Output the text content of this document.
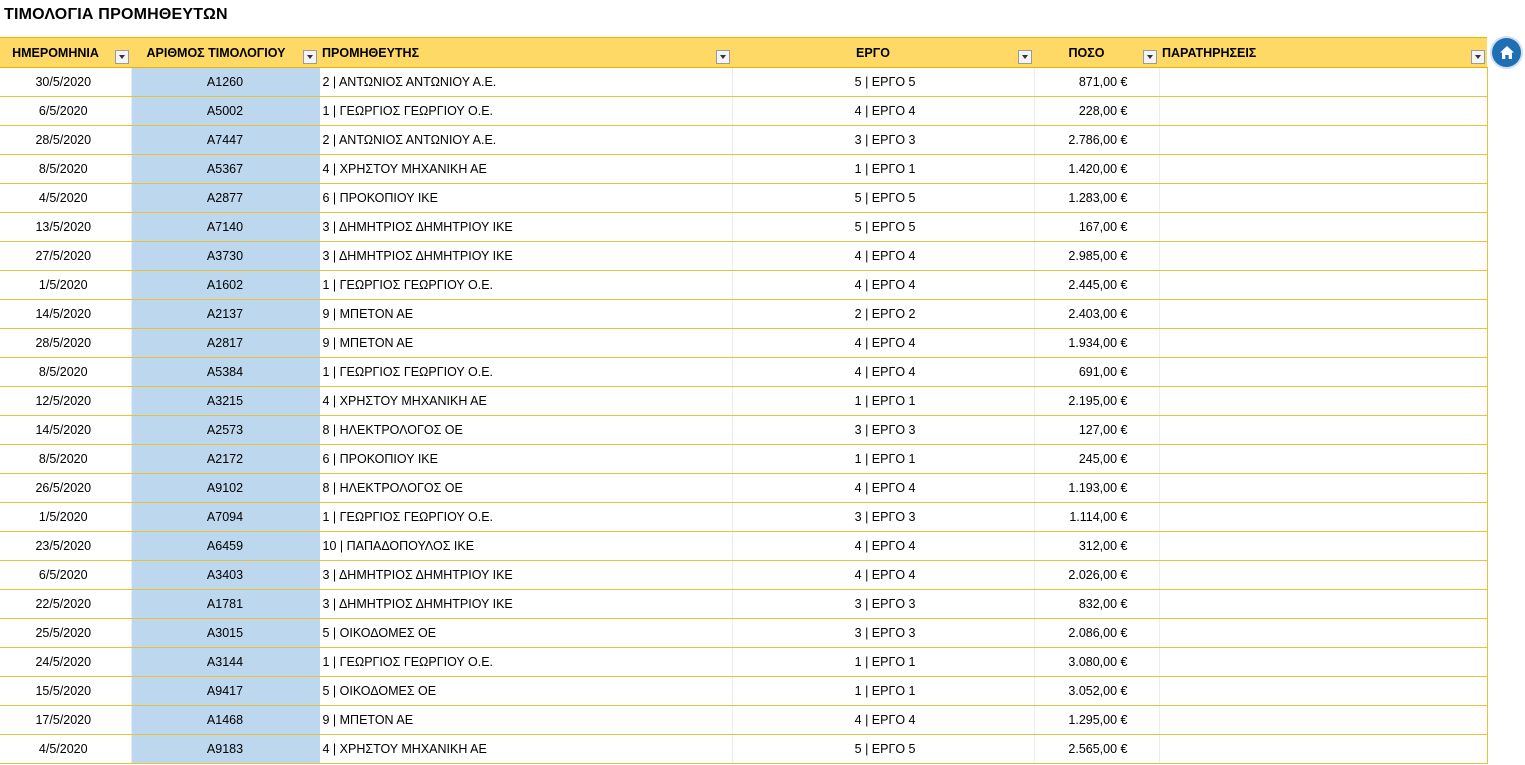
ΤΙΜΟΛΟΓΙΑ ΠΡΟΜΗΘΕΥΤΩΝ
ΗΜΕΡΟΜΗΝΙΑ	ΑΡΙΘΜΟΣ ΤΙΜΟΛΟΓΙΟΥ	ΠΡΟΜΗΘΕΥΤΗΣ	ΕΡΓΟ	ΠΟΣΟ	ΠΑΡΑΤΗΡΗΣΕΙΣ

30/5/2020	A1260	2 | ΑΝΤΩΝΙΟΣ ΑΝΤΩΝΙΟΥ Α.Ε.	5 | ΕΡΓΟ 5	871,00 €	
6/5/2020	A5002	1 | ΓΕΩΡΓΙΟΣ ΓΕΩΡΓΙΟΥ Ο.Ε.	4 | ΕΡΓΟ 4	228,00 €	
28/5/2020	A7447	2 | ΑΝΤΩΝΙΟΣ ΑΝΤΩΝΙΟΥ Α.Ε.	3 | ΕΡΓΟ 3	2.786,00 €	
8/5/2020	A5367	4 | ΧΡΗΣΤΟΥ ΜΗΧΑΝΙΚΗ ΑΕ	1 | ΕΡΓΟ 1	1.420,00 €	
4/5/2020	A2877	6 | ΠΡΟΚΟΠΙΟΥ ΙΚΕ	5 | ΕΡΓΟ 5	1.283,00 €	
13/5/2020	A7140	3 | ΔΗΜΗΤΡΙΟΣ ΔΗΜΗΤΡΙΟΥ ΙΚΕ	5 | ΕΡΓΟ 5	167,00 €	
27/5/2020	A3730	3 | ΔΗΜΗΤΡΙΟΣ ΔΗΜΗΤΡΙΟΥ ΙΚΕ	4 | ΕΡΓΟ 4	2.985,00 €	
1/5/2020	A1602	1 | ΓΕΩΡΓΙΟΣ ΓΕΩΡΓΙΟΥ Ο.Ε.	4 | ΕΡΓΟ 4	2.445,00 €	
14/5/2020	A2137	9 | ΜΠΕΤΟΝ ΑΕ	2 | ΕΡΓΟ 2	2.403,00 €	
28/5/2020	A2817	9 | ΜΠΕΤΟΝ ΑΕ	4 | ΕΡΓΟ 4	1.934,00 €	
8/5/2020	A5384	1 | ΓΕΩΡΓΙΟΣ ΓΕΩΡΓΙΟΥ Ο.Ε.	4 | ΕΡΓΟ 4	691,00 €	
12/5/2020	A3215	4 | ΧΡΗΣΤΟΥ ΜΗΧΑΝΙΚΗ ΑΕ	1 | ΕΡΓΟ 1	2.195,00 €	
14/5/2020	A2573	8 | ΗΛΕΚΤΡΟΛΟΓΟΣ ΟΕ	3 | ΕΡΓΟ 3	127,00 €	
8/5/2020	A2172	6 | ΠΡΟΚΟΠΙΟΥ ΙΚΕ	1 | ΕΡΓΟ 1	245,00 €	
26/5/2020	A9102	8 | ΗΛΕΚΤΡΟΛΟΓΟΣ ΟΕ	4 | ΕΡΓΟ 4	1.193,00 €	
1/5/2020	A7094	1 | ΓΕΩΡΓΙΟΣ ΓΕΩΡΓΙΟΥ Ο.Ε.	3 | ΕΡΓΟ 3	1.114,00 €	
23/5/2020	A6459	10 | ΠΑΠΑΔΟΠΟΥΛΟΣ ΙΚΕ	4 | ΕΡΓΟ 4	312,00 €	
6/5/2020	A3403	3 | ΔΗΜΗΤΡΙΟΣ ΔΗΜΗΤΡΙΟΥ ΙΚΕ	4 | ΕΡΓΟ 4	2.026,00 €	
22/5/2020	A1781	3 | ΔΗΜΗΤΡΙΟΣ ΔΗΜΗΤΡΙΟΥ ΙΚΕ	3 | ΕΡΓΟ 3	832,00 €	
25/5/2020	A3015	5 | ΟΙΚΟΔΟΜΕΣ ΟΕ	3 | ΕΡΓΟ 3	2.086,00 €	
24/5/2020	A3144	1 | ΓΕΩΡΓΙΟΣ ΓΕΩΡΓΙΟΥ Ο.Ε.	1 | ΕΡΓΟ 1	3.080,00 €	
15/5/2020	A9417	5 | ΟΙΚΟΔΟΜΕΣ ΟΕ	1 | ΕΡΓΟ 1	3.052,00 €	
17/5/2020	A1468	9 | ΜΠΕΤΟΝ ΑΕ	4 | ΕΡΓΟ 4	1.295,00 €	
4/5/2020	A9183	4 | ΧΡΗΣΤΟΥ ΜΗΧΑΝΙΚΗ ΑΕ	5 | ΕΡΓΟ 5	2.565,00 €	
